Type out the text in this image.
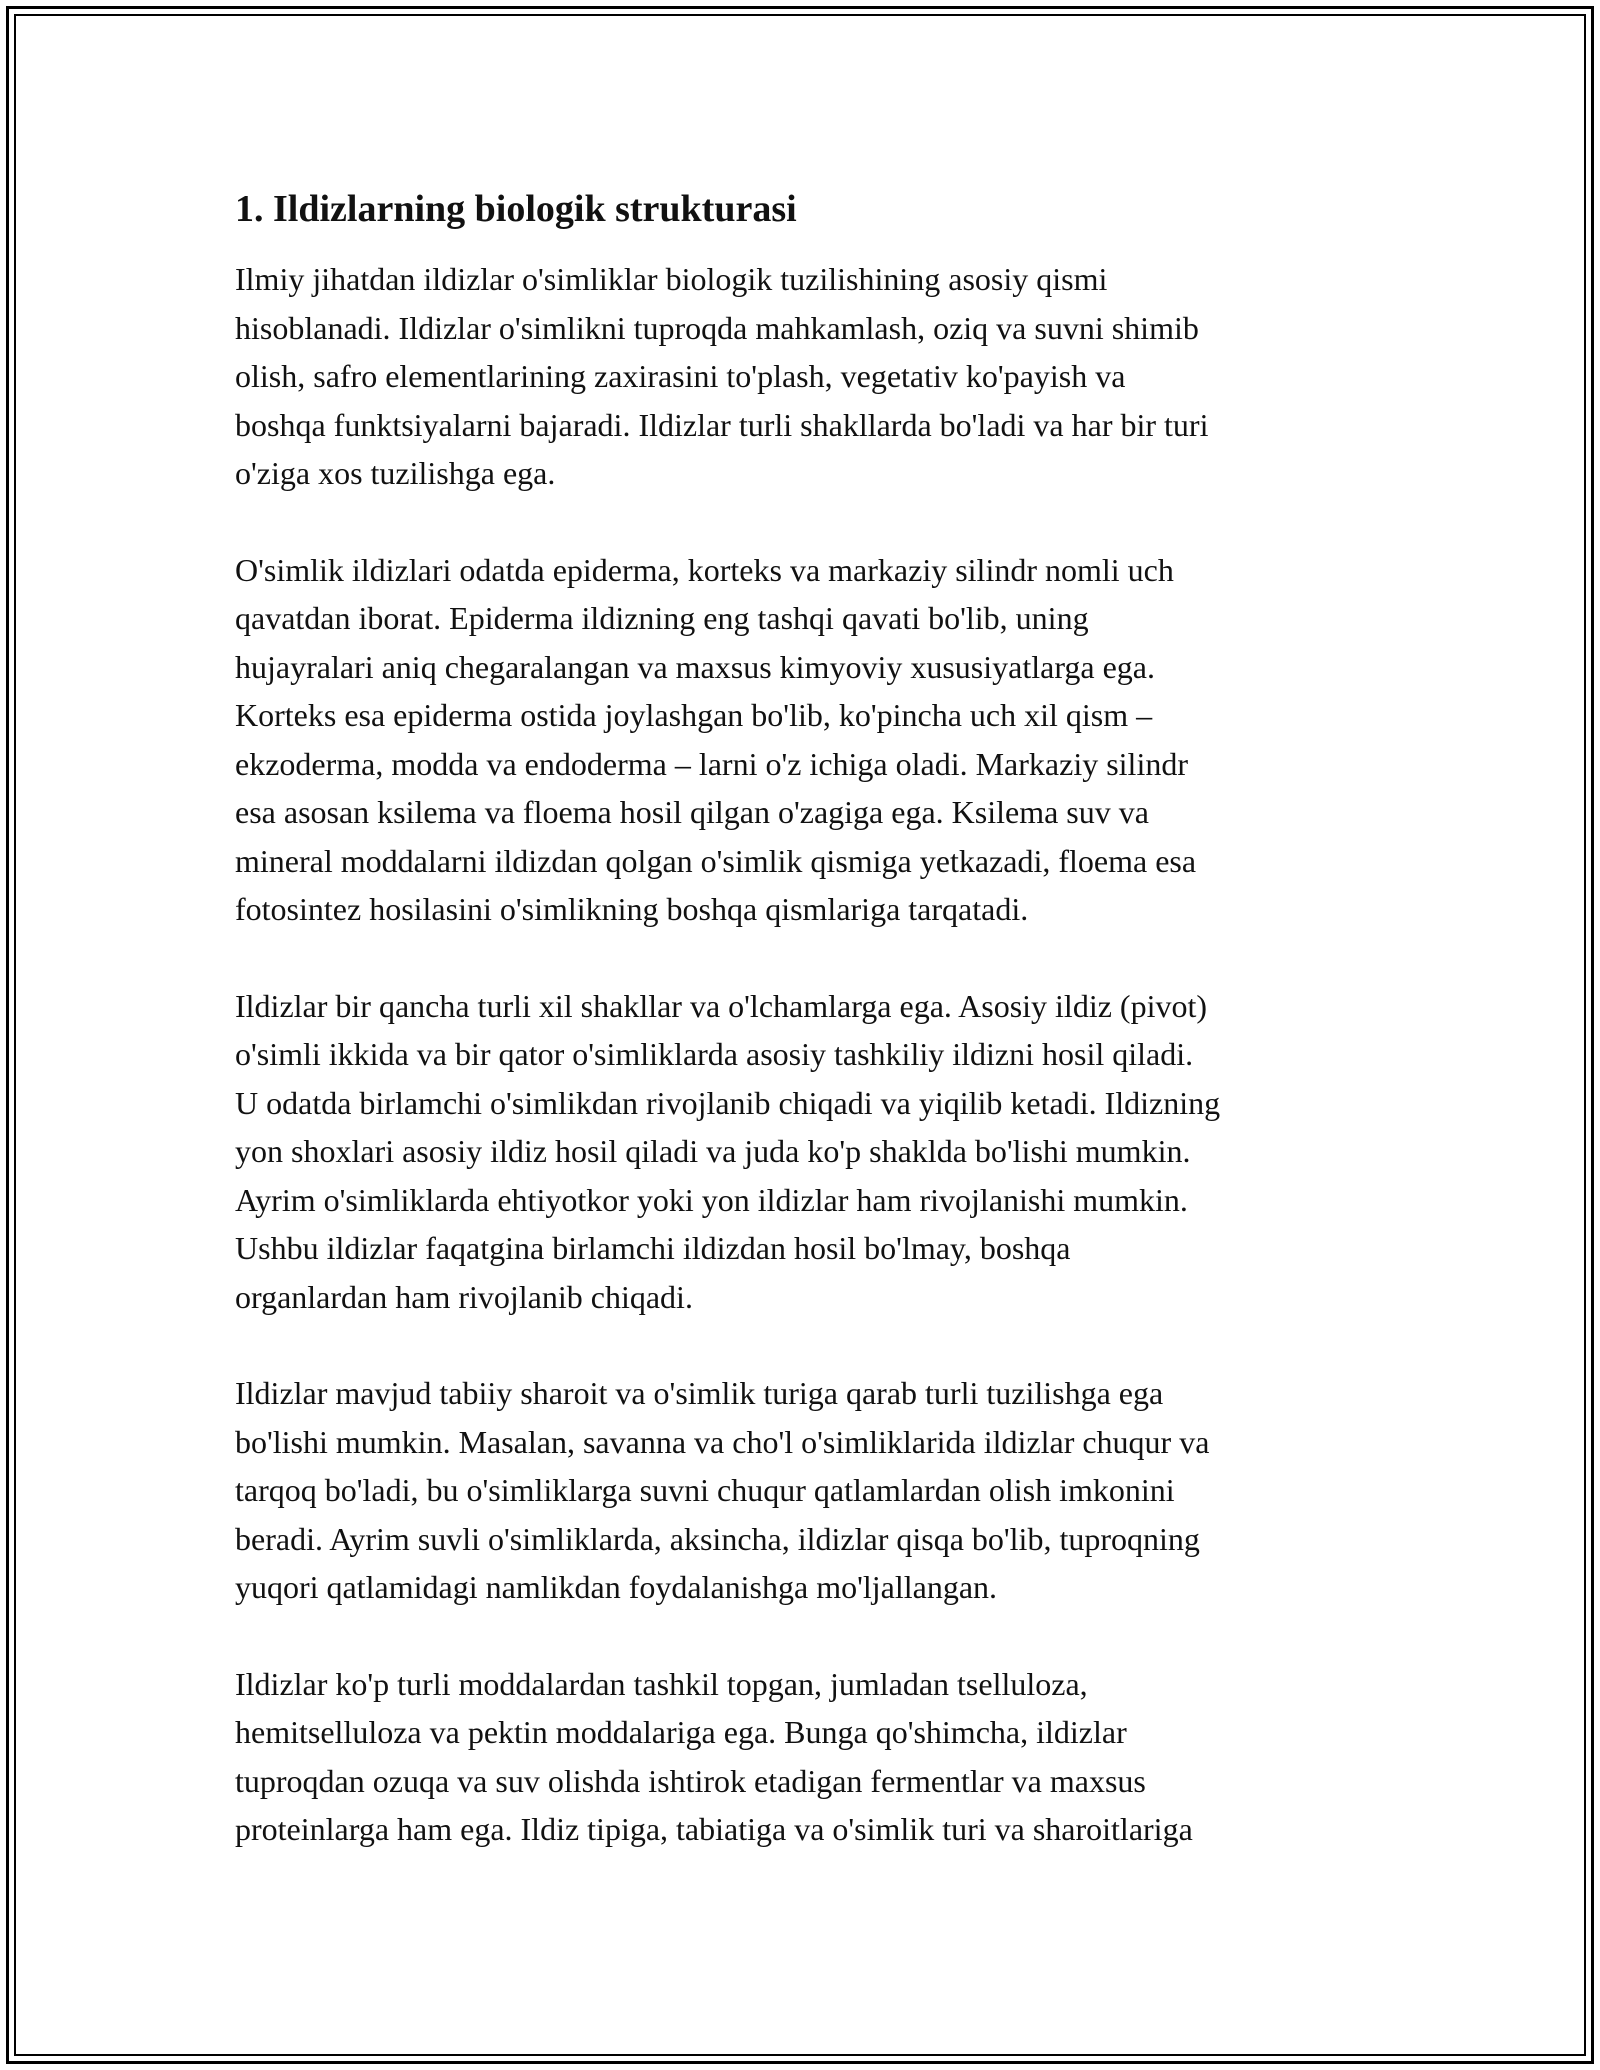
1. Ildizlarning biologik strukturasi

Ilmiy jihatdan ildizlar o'simliklar biologik tuzilishining asosiy qismi
hisoblanadi. Ildizlar o'simlikni tuproqda mahkamlash, oziq va suvni shimib
olish, safro elementlarining zaxirasini to'plash, vegetativ ko'payish va
boshqa funktsiyalarni bajaradi. Ildizlar turli shakllarda bo'ladi va har bir turi
o'ziga xos tuzilishga ega.

O'simlik ildizlari odatda epiderma, korteks va markaziy silindr nomli uch
qavatdan iborat. Epiderma ildizning eng tashqi qavati bo'lib, uning
hujayralari aniq chegaralangan va maxsus kimyoviy xususiyatlarga ega.
Korteks esa epiderma ostida joylashgan bo'lib, ko'pincha uch xil qism –
ekzoderma, modda va endoderma – larni o'z ichiga oladi. Markaziy silindr
esa asosan ksilema va floema hosil qilgan o'zagiga ega. Ksilema suv va
mineral moddalarni ildizdan qolgan o'simlik qismiga yetkazadi, floema esa
fotosintez hosilasini o'simlikning boshqa qismlariga tarqatadi.

Ildizlar bir qancha turli xil shakllar va o'lchamlarga ega. Asosiy ildiz (pivot)
o'simli ikkida va bir qator o'simliklarda asosiy tashkiliy ildizni hosil qiladi.
U odatda birlamchi o'simlikdan rivojlanib chiqadi va yiqilib ketadi. Ildizning
yon shoxlari asosiy ildiz hosil qiladi va juda ko'p shaklda bo'lishi mumkin.
Ayrim o'simliklarda ehtiyotkor yoki yon ildizlar ham rivojlanishi mumkin.
Ushbu ildizlar faqatgina birlamchi ildizdan hosil bo'lmay, boshqa
organlardan ham rivojlanib chiqadi.

Ildizlar mavjud tabiiy sharoit va o'simlik turiga qarab turli tuzilishga ega
bo'lishi mumkin. Masalan, savanna va cho'l o'simliklarida ildizlar chuqur va
tarqoq bo'ladi, bu o'simliklarga suvni chuqur qatlamlardan olish imkonini
beradi. Ayrim suvli o'simliklarda, aksincha, ildizlar qisqa bo'lib, tuproqning
yuqori qatlamidagi namlikdan foydalanishga mo'ljallangan.

Ildizlar ko'p turli moddalardan tashkil topgan, jumladan tselluloza,
hemitselluloza va pektin moddalariga ega. Bunga qo'shimcha, ildizlar
tuproqdan ozuqa va suv olishda ishtirok etadigan fermentlar va maxsus
proteinlarga ham ega. Ildiz tipiga, tabiatiga va o'simlik turi va sharoitlariga
